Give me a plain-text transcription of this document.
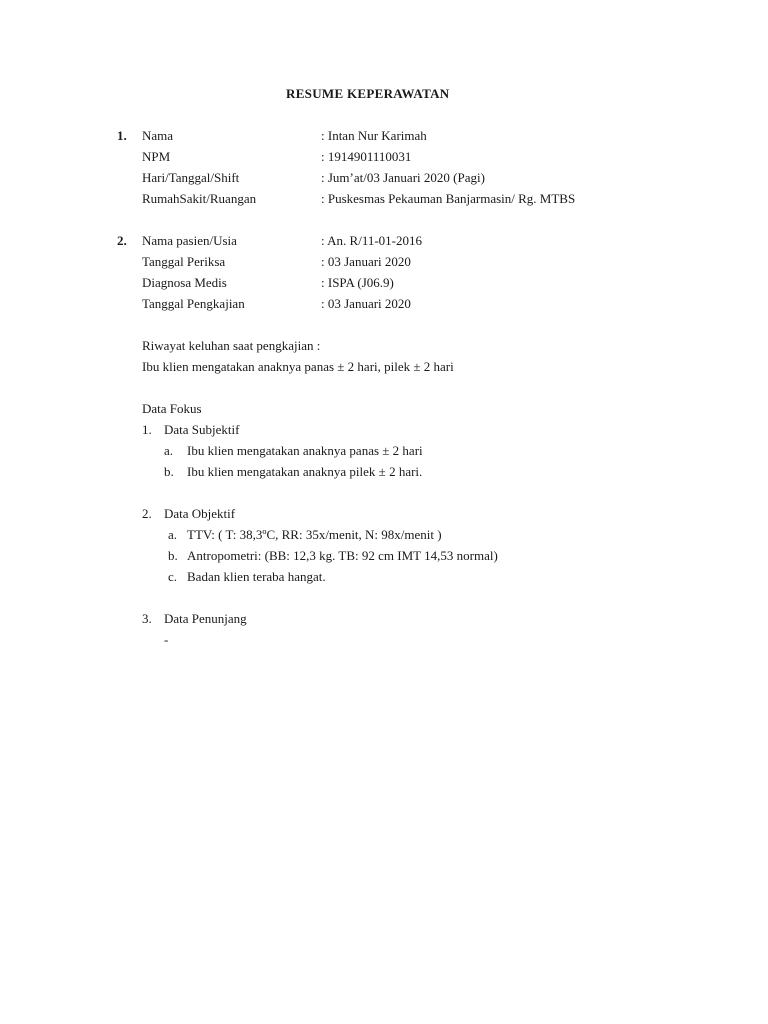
RESUME KEPERAWATAN
1. Nama	: Intan Nur Karimah
NPM	: 1914901110031
Hari/Tanggal/Shift	: Jum’at/03 Januari 2020 (Pagi)
RumahSakit/Ruangan	: Puskesmas Pekauman Banjarmasin/ Rg. MTBS
2. Nama pasien/Usia	: An. R/11-01-2016
Tanggal Periksa	: 03 Januari 2020
Diagnosa Medis	: ISPA (J06.9)
Tanggal Pengkajian	: 03 Januari 2020
Riwayat keluhan saat pengkajian :
Ibu klien mengatakan anaknya panas ± 2 hari, pilek ± 2 hari
Data Fokus
1. Data Subjektif
a. Ibu klien mengatakan anaknya panas ± 2 hari
b. Ibu klien mengatakan anaknya pilek ± 2 hari.
2. Data Objektif
a. TTV: ( T: 38,3ºC, RR: 35x/menit, N: 98x/menit )
b. Antropometri: (BB: 12,3 kg. TB: 92 cm IMT 14,53 normal)
c. Badan klien teraba hangat.
3. Data Penunjang
-
